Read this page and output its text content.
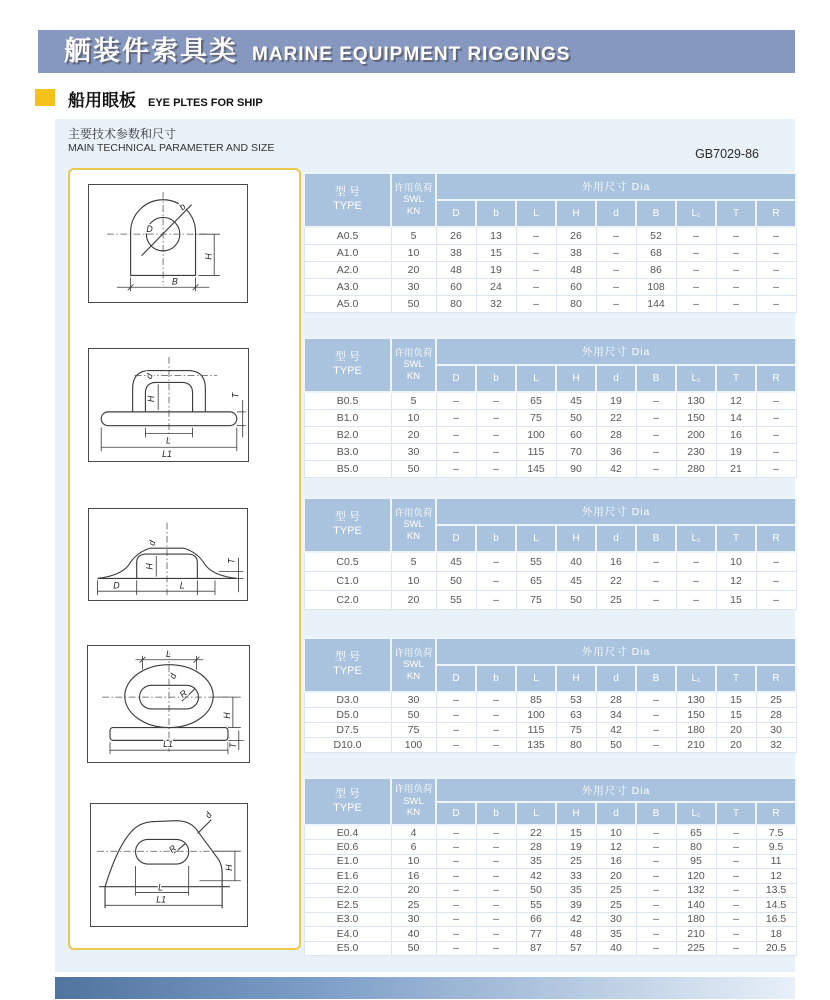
舾装件索具类 MARINE EQUIPMENT RIGGINGS
船用眼板 EYE PLTES FOR SHIP
主要技术参数和尺寸
MAIN TECHNICAL PARAMETER AND SIZE	GB7029-86
D
b
H
B
d
H
L
L1
T
d
H
D	L
T
L
d
R
H
T
L1
d
R
H
L
L1
型 号
TYPE

许用负荷
SWL
KN
	外用尺寸 Dia
		D	b	L	H	d	B	L₁	T	R
A0.5	5	26	13	–	26	–	52	–	–	–
A1.0	10	38	15	–	38	–	68	–	–	–
A2.0	20	48	19	–	48	–	86	–	–	–
A3.0	30	60	24	–	60	–	108	–	–	–
A5.0	50	80	32	–	80	–	144	–	–	–
型 号
TYPE

许用负荷
SWL
KN
	外用尺寸 Dia
		D	b	L	H	d	B	L₁	T	R
B0.5	5	–	–	65	45	19	–	130	12	–
B1.0	10	–	–	75	50	22	–	150	14	–
B2.0	20	–	–	100	60	28	–	200	16	–
B3.0	30	–	–	115	70	36	–	230	19	–
B5.0	50	–	–	145	90	42	–	280	21	–
型 号
TYPE

许用负荷
SWL
KN
	外用尺寸 Dia
		D	b	L	H	d	B	L₁	T	R
C0.5	5	45	–	55	40	16	–	–	10	–
C1.0	10	50	–	65	45	22	–	–	12	–
C2.0	20	55	–	75	50	25	–	–	15	–
型 号
TYPE

许用负荷
SWL
KN
	外用尺寸 Dia
		D	b	L	H	d	B	L₁	T	R
D3.0	30	–	–	85	53	28	–	130	15	25
D5.0	50	–	–	100	63	34	–	150	15	28
D7.5	75	–	–	115	75	42	–	180	20	30
D10.0	100	–	–	135	80	50	–	210	20	32
型 号
TYPE

许用负荷
SWL
KN
	外用尺寸 Dia
		D	b	L	H	d	B	L₁	T	R
E0.4	4	–	–	22	15	10	–	65	–	7.5
E0.6	6	–	–	28	19	12	–	80	–	9.5
E1.0	10	–	–	35	25	16	–	95	–	11
E1.6	16	–	–	42	33	20	–	120	–	12
E2.0	20	–	–	50	35	25	–	132	–	13.5
E2.5	25	–	–	55	39	25	–	140	–	14.5
E3.0	30	–	–	66	42	30	–	180	–	16.5
E4.0	40	–	–	77	48	35	–	210	–	18
E5.0	50	–	–	87	57	40	–	225	–	20.5
